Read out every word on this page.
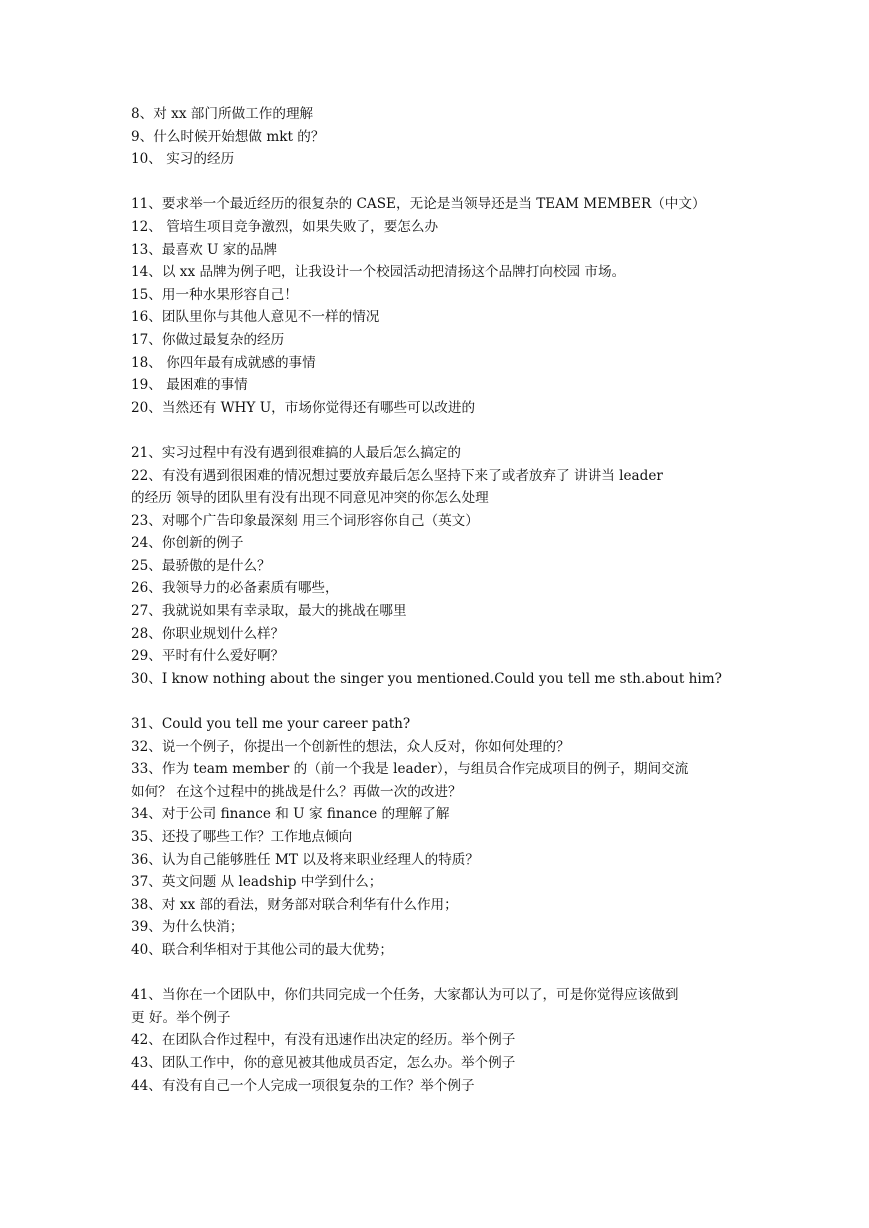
8、对 xx 部门所做工作的理解
9、什么时候开始想做 mkt 的？
10、 实习的经历
11、要求举一个最近经历的很复杂的 CASE，无论是当领导还是当 TEAM MEMBER（中文）
12、 管培生项目竞争激烈，如果失败了，要怎么办
13、最喜欢 U 家的品牌
14、以 xx 品牌为例子吧，让我设计一个校园活动把清扬这个品牌打向校园 市场。
15、用一种水果形容自己！
16、团队里你与其他人意见不一样的情况
17、你做过最复杂的经历
18、 你四年最有成就感的事情
19、 最困难的事情
20、当然还有 WHY U，市场你觉得还有哪些可以改进的
21、实习过程中有没有遇到很难搞的人最后怎么搞定的
22、有没有遇到很困难的情况想过要放弃最后怎么坚持下来了或者放弃了 讲讲当 leader
的经历 领导的团队里有没有出现不同意见冲突的你怎么处理
23、对哪个广告印象最深刻 用三个词形容你自己（英文）
24、你创新的例子
25、最骄傲的是什么？
26、我领导力的必备素质有哪些，
27、我就说如果有幸录取，最大的挑战在哪里
28、你职业规划什么样？
29、平时有什么爱好啊？
30、I know nothing about the singer you mentioned.Could you tell me sth.about him?
31、Could you tell me your career path?
32、说一个例子，你提出一个创新性的想法，众人反对，你如何处理的？
33、作为 team member 的（前一个我是 leader），与组员合作完成项目的例子，期间交流
如何？ 在这个过程中的挑战是什么？再做一次的改进？
34、对于公司 finance 和 U 家 finance 的理解了解
35、还投了哪些工作？工作地点倾向
36、认为自己能够胜任 MT 以及将来职业经理人的特质？
37、英文问题 从 leadship 中学到什么；
38、对 xx 部的看法，财务部对联合利华有什么作用；
39、为什么快消；
40、联合利华相对于其他公司的最大优势；
41、当你在一个团队中，你们共同完成一个任务，大家都认为可以了，可是你觉得应该做到
更 好。举个例子
42、在团队合作过程中，有没有迅速作出决定的经历。举个例子
43、团队工作中，你的意见被其他成员否定，怎么办。举个例子
44、有没有自己一个人完成一项很复杂的工作？举个例子
